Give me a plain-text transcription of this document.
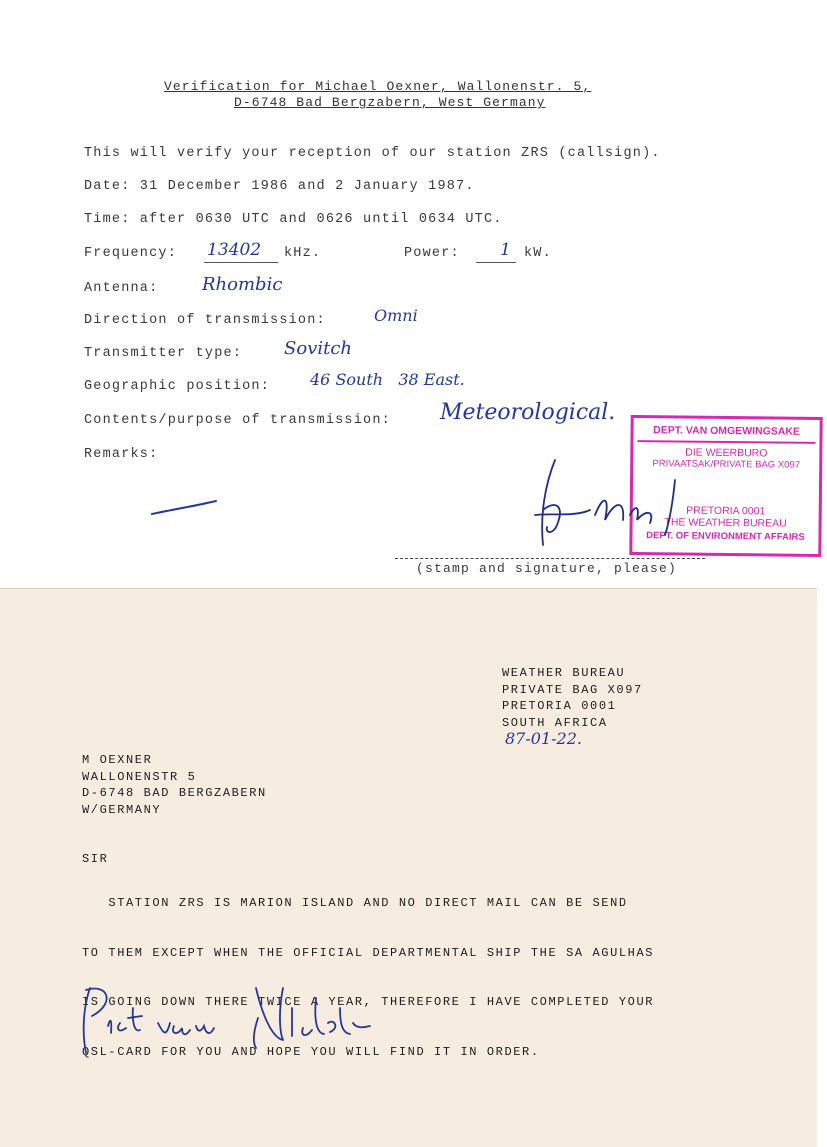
Verification for Michael Oexner, Wallonenstr. 5,
D-6748 Bad Bergzabern, West Germany
This will verify your reception of our station ZRS (callsign).
Date: 31 December 1986 and 2 January 1987.
Time: after 0630 UTC and 0626 until 0634 UTC.
Frequency: 13402 kHz.	Power: 1 kW.
Antenna: Rhombic
Direction of transmission:	Omni
Transmitter type: Sovitch
Geographic position: 46 South   38 East.
Contents/purpose of transmission: Meteorological.
Remarks:
DEPT. VAN OMGEWINGSAKE
DIE WEERBURO
PRIVAATSAK/PRIVATE BAG X097
PRETORIA 0001
THE WEATHER BUREAU
DEPT. OF ENVIRONMENT AFFAIRS
(stamp and signature, please)
WEATHER BUREAU
PRIVATE BAG X097
PRETORIA 0001
SOUTH AFRICA
87-01-22.
M OEXNER
WALLONENSTR 5
D-6748 BAD BERGZABERN
W/GERMANY
SIR

STATION ZRS IS MARION ISLAND AND NO DIRECT MAIL CAN BE SEND

TO THEM EXCEPT WHEN THE OFFICIAL DEPARTMENTAL SHIP THE SA AGULHAS

IS GOING DOWN THERE TWICE A YEAR, THEREFORE I HAVE COMPLETED YOUR

QSL-CARD FOR YOU AND HOPE YOU WILL FIND IT IN ORDER.
